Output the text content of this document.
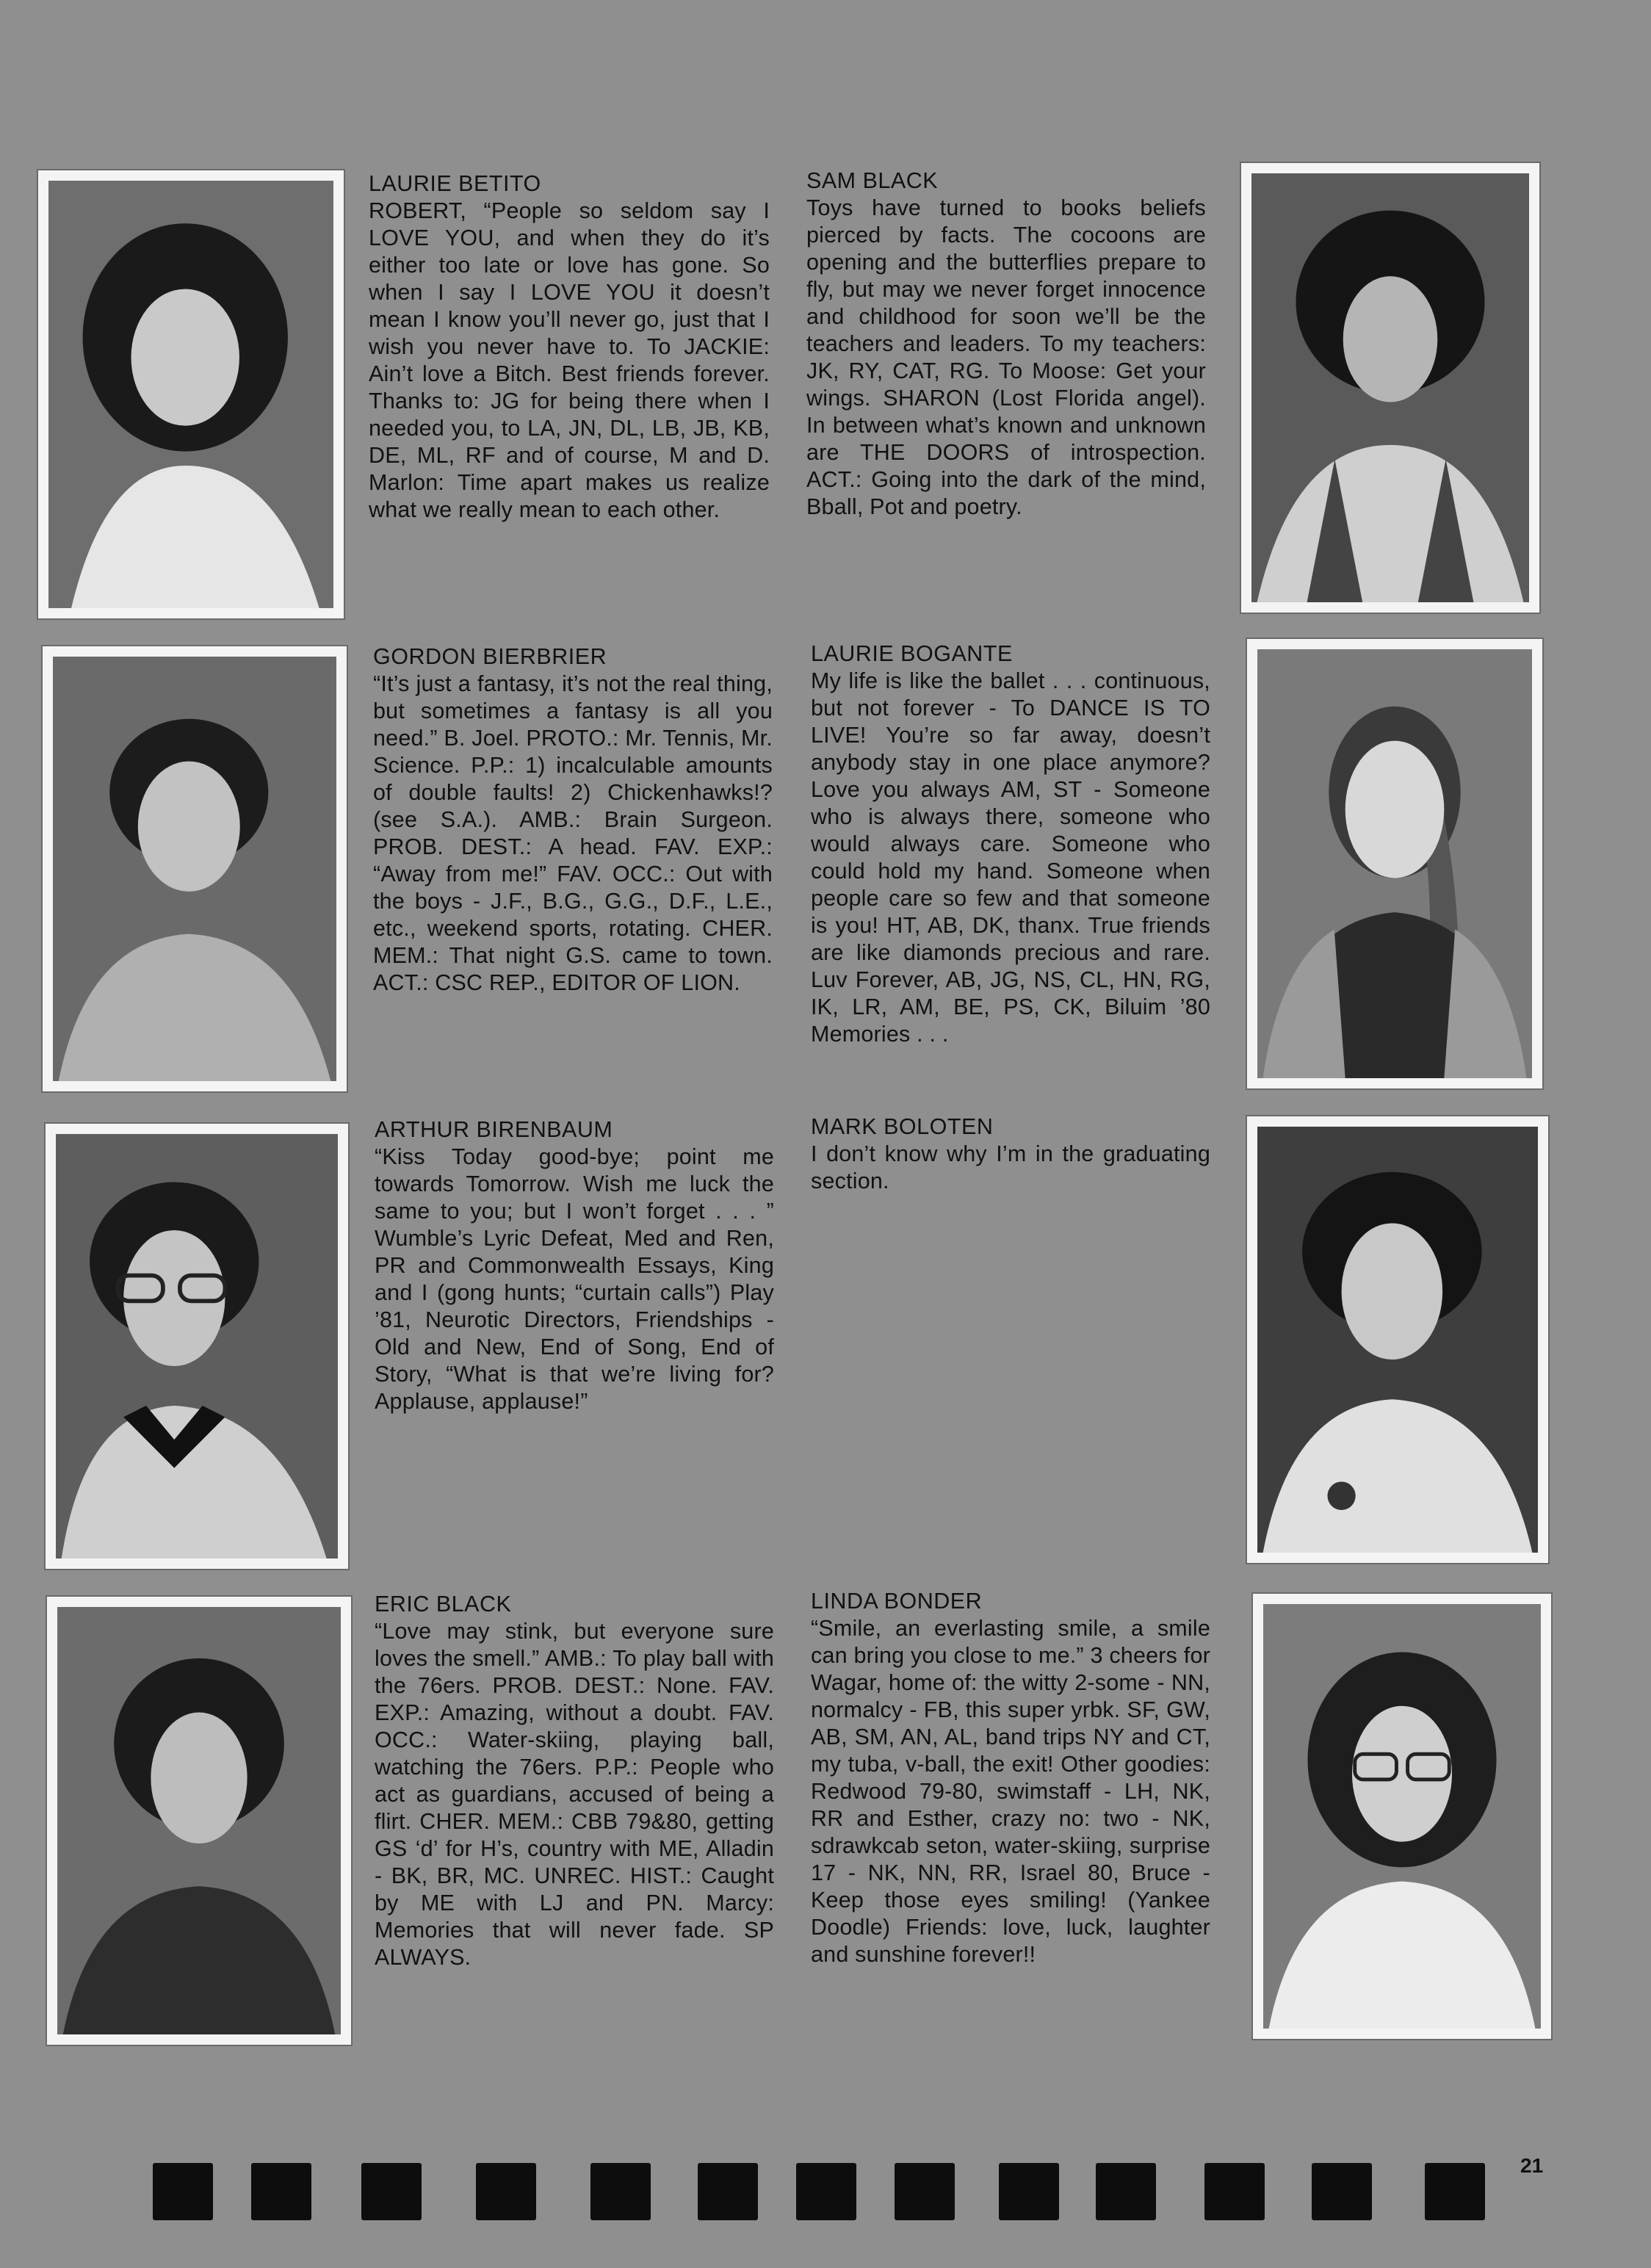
LAURIE BETITO
ROBERT, “People so seldom say I LOVE YOU, and when they do it’s either too late or love has gone. So when I say I LOVE YOU it doesn’t mean I know you’ll never go, just that I wish you never have to. To JACKIE: Ain’t love a Bitch. Best friends forever. Thanks to: JG for being there when I needed you, to LA, JN, DL, LB, JB, KB, DE, ML, RF and of course, M and D. Marlon: Time apart makes us realize what we really mean to each other.
SAM BLACK
Toys have turned to books beliefs pierced by facts. The cocoons are opening and the butterflies prepare to fly, but may we never forget innocence and childhood for soon we’ll be the teachers and leaders. To my teachers: JK, RY, CAT, RG. To Moose: Get your wings. SHARON (Lost Florida angel). In between what’s known and unknown are THE DOORS of introspection. ACT.: Going into the dark of the mind, Bball, Pot and poetry.
GORDON BIERBRIER
“It’s just a fantasy, it’s not the real thing, but sometimes a fantasy is all you need.” B. Joel. PROTO.: Mr. Tennis, Mr. Science. P.P.: 1) incalculable amounts of double faults! 2) Chickenhawks!? (see S.A.). AMB.: Brain Surgeon. PROB. DEST.: A head. FAV. EXP.: “Away from me!” FAV. OCC.: Out with the boys - J.F., B.G., G.G., D.F., L.E., etc., weekend sports, rotating. CHER. MEM.: That night G.S. came to town. ACT.: CSC REP., EDITOR OF LION.
LAURIE BOGANTE
My life is like the ballet . . . continuous, but not forever - To DANCE IS TO LIVE! You’re so far away, doesn’t anybody stay in one place anymore? Love you always AM, ST - Someone who is always there, someone who would always care. Someone who could hold my hand. Someone when people care so few and that someone is you! HT, AB, DK, thanx. True friends are like diamonds precious and rare. Luv Forever, AB, JG, NS, CL, HN, RG, IK, LR, AM, BE, PS, CK, Biluim ’80 Memories . . .
ARTHUR BIRENBAUM
“Kiss Today good-bye; point me towards Tomorrow. Wish me luck the same to you; but I won’t forget . . . ” Wumble’s Lyric Defeat, Med and Ren, PR and Commonwealth Essays, King and I (gong hunts; “curtain calls”) Play ’81, Neurotic Directors, Friendships - Old and New, End of Song, End of Story, “What is that we’re living for? Applause, applause!”
MARK BOLOTEN
I don’t know why I’m in the graduating section.
ERIC BLACK
“Love may stink, but everyone sure loves the smell.” AMB.: To play ball with the 76ers. PROB. DEST.: None. FAV. EXP.: Amazing, without a doubt. FAV. OCC.: Water-skiing, playing ball, watching the 76ers. P.P.: People who act as guardians, accused of being a flirt. CHER. MEM.: CBB 79&80, getting GS ‘d’ for H’s, country with ME, Alladin - BK, BR, MC. UNREC. HIST.: Caught by ME with LJ and PN. Marcy: Memories that will never fade. SP ALWAYS.
LINDA BONDER
“Smile, an everlasting smile, a smile can bring you close to me.” 3 cheers for Wagar, home of: the witty 2-some - NN, normalcy - FB, this super yrbk. SF, GW, AB, SM, AN, AL, band trips NY and CT, my tuba, v-ball, the exit! Other goodies: Redwood 79-80, swimstaff - LH, NK, RR and Esther, crazy no: two - NK, sdrawkcab seton, water-skiing, surprise 17 - NK, NN, RR, Israel 80, Bruce - Keep those eyes smiling! (Yankee Doodle) Friends: love, luck, laughter and sunshine forever!!
21
